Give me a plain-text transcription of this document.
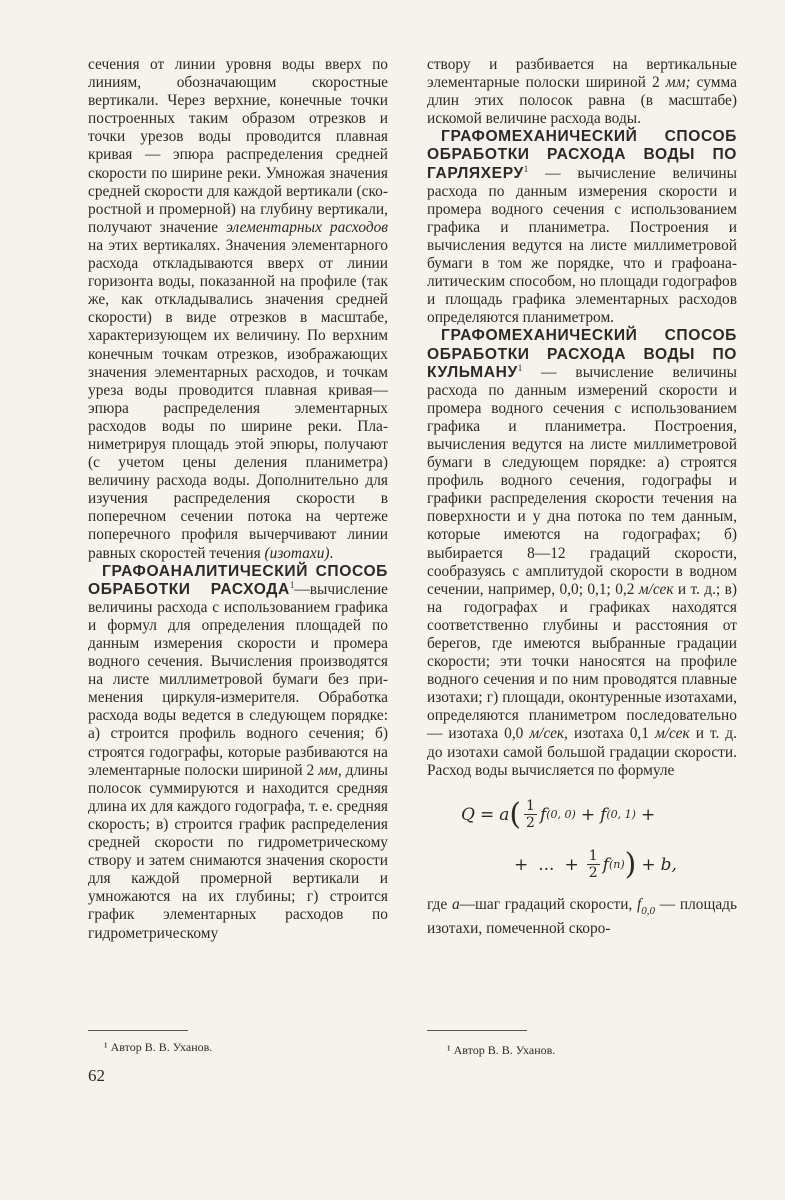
сечения от линии уровня воды вверх по линиям, обозначающим скоростные вертикали. Через верхние, конечные точки построенных таким образом отрезков и точки урезов воды проводится плавная кривая — эпюра распределения средней скорости по ширине реки. Умножая значения средней скорости для каждой вертикали (скоростной и промерной) на глубину вертикали, получают значение элементарных расходов на этих вертикалях. Значения элементарного расхода откладываются вверх от линии горизонта воды, показанной на профиле (так же, как откладывались значения средней скорости) в виде отрезков в масштабе, характеризующем их величину. По верхним конечным точкам отрезков, изображающих значения элементарных расходов, и точкам уреза воды проводится плавная кривая— эпюра распределения элементарных расходов воды по ширине реки. Планиметрируя площадь этой эпюры, получают (с учетом цены деления планиметра) величину расхода воды. Дополнительно для изучения распределения скорости в поперечном сечении потока на чертеже поперечного профиля вычерчивают линии равных скоростей течения (изотахи).

ГРАФОАНАЛИТИЧЕСКИЙ СПОСОБ ОБРАБОТКИ РАСХОДА$^1$—вычисление величины расхода с использованием графика и формул для определения площадей по данным измерения скорости и промера водного сечения. Вычисления производятся на листе миллиметровой бумаги без применения циркуля-измерителя. Обработка расхода воды ведется в следующем порядке: а) строится профиль водного сечения; б) строятся годографы, которые разбиваются на элементарные полоски шириной 2 мм, длины полосок суммируются и находится средняя длина их для каждого годографа, т. е. средняя скорость; в) строится график распределения средней скорости по гидрометрическому створу и затем снимаются значения скорости для каждой промерной вертикали и умножаются на их глубины; г) строится график элементарных расходов по гидрометрическому

¹ Автор В. В. Уханов.

створу и разбивается на вертикальные элементарные полоски шириной 2 мм; сумма длин этих полосок равна (в масштабе) искомой величине расхода воды.

ГРАФОМЕХАНИЧЕСКИЙ СПОСОБ ОБРАБОТКИ РАСХОДА ВОДЫ ПО ГАРЛЯХЕРУ$^1$ — вычисление величины расхода по данным измерения скорости и промера водного сечения с использованием графика и планиметра. Построения и вычисления ведутся на листе миллиметровой бумаги в том же порядке, что и графоаналитическим способом, но площади годографов и площадь графика элементарных расходов определяются планиметром.

ГРАФОМЕХАНИЧЕСКИЙ СПОСОБ ОБРАБОТКИ РАСХОДА ВОДЫ ПО КУЛЬМАНУ$^1$ — вычисление величины расхода по данным измерений скорости и промера водного сечения с использованием графика и планиметра. Построения, вычисления ведутся на листе миллиметровой бумаги в следующем порядке: а) строятся профиль водного сечения, годографы и графики распределения скорости течения на поверхности и у дна потока по тем данным, которые имеются на годографах; б) выбирается 8—12 градаций скорости, сообразуясь с амплитудой скорости в водном сечении, например, 0,0; 0,1; 0,2 м/сек и т. д.; в) на годографах и графиках находятся соответственно глубины и расстояния от берегов, где имеются выбранные градации скорости; эти точки наносятся на профиле водного сечения и по ним проводятся плавные изотахи; г) площади, оконтуренные изотахами, определяются планиметром последовательно — изотаха 0,0 м/сек, изотаха 0,1 м/сек и т. д. до изотахи самой большой градации скорости. Расход воды вычисляется по формуле

Q = a ( $\frac{1}{2}$ f (0, 0) + f (0, 1) +
+ ... + $\frac{1}{2}$ f (n) ) + b,

где a—шаг градаций скорости, $f_{0,0}$ — площадь изотахи, помеченной скоро-

¹ Автор В. В. Уханов.
62
